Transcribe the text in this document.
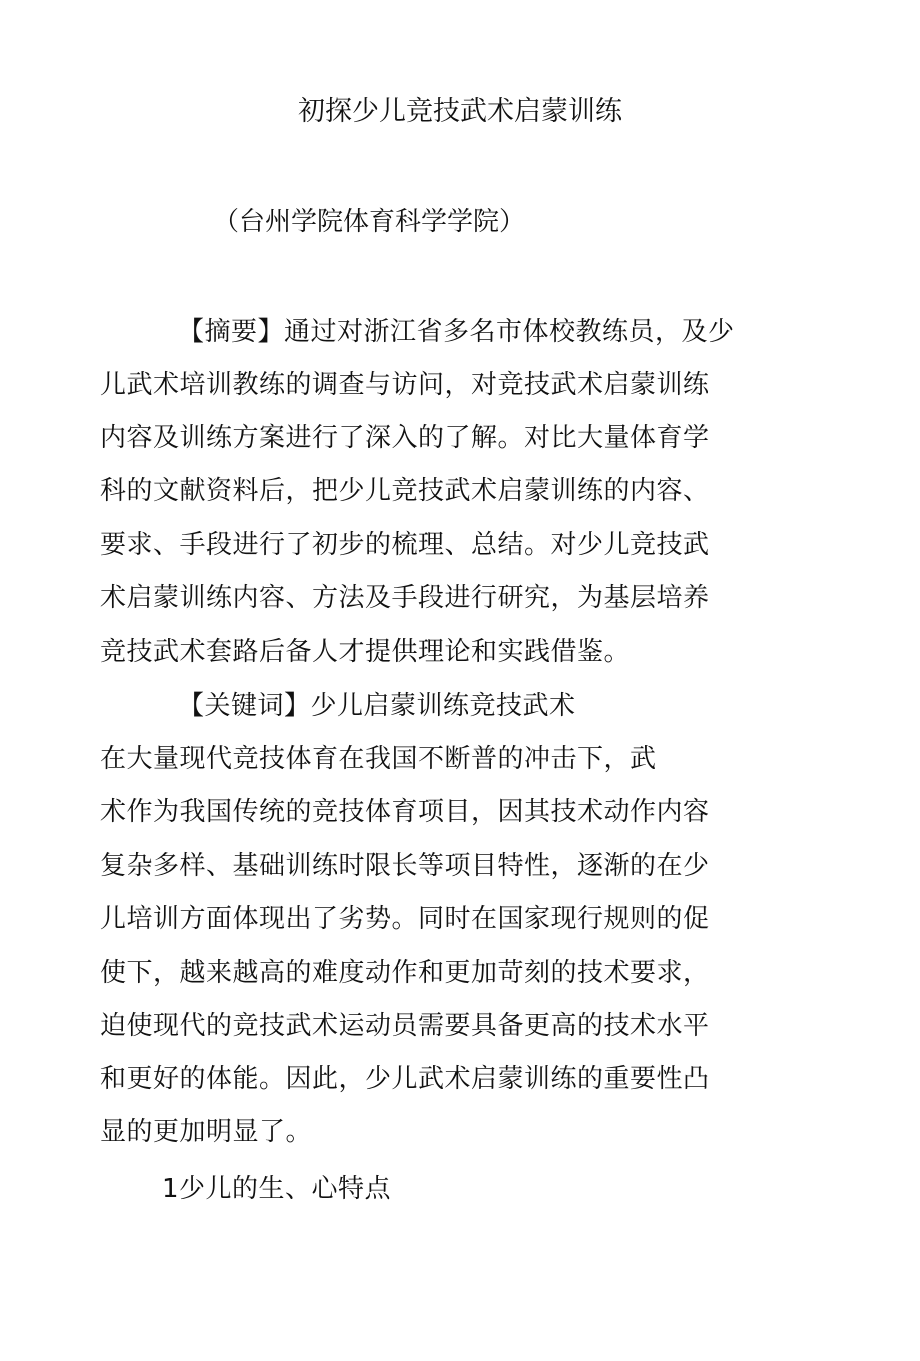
初探少儿竞技武术启蒙训练
（台州学院体育科学学院）
【摘要】通过对浙江省多名市体校教练员，及少
儿武术培训教练的调查与访问，对竞技武术启蒙训练
内容及训练方案进行了深入的了解。对比大量体育学
科的文献资料后，把少儿竞技武术启蒙训练的内容、
要求、手段进行了初步的梳理、总结。对少儿竞技武
术启蒙训练内容、方法及手段进行研究，为基层培养
竞技武术套路后备人才提供理论和实践借鉴。
【关键词】少儿启蒙训练竞技武术
在大量现代竞技体育在我国不断普的冲击下，武
术作为我国传统的竞技体育项目，因其技术动作内容
复杂多样、基础训练时限长等项目特性，逐渐的在少
儿培训方面体现出了劣势。同时在国家现行规则的促
使下，越来越高的难度动作和更加苛刻的技术要求，
迫使现代的竞技武术运动员需要具备更高的技术水平
和更好的体能。因此，少儿武术启蒙训练的重要性凸
显的更加明显了。
1少儿的生、心特点
